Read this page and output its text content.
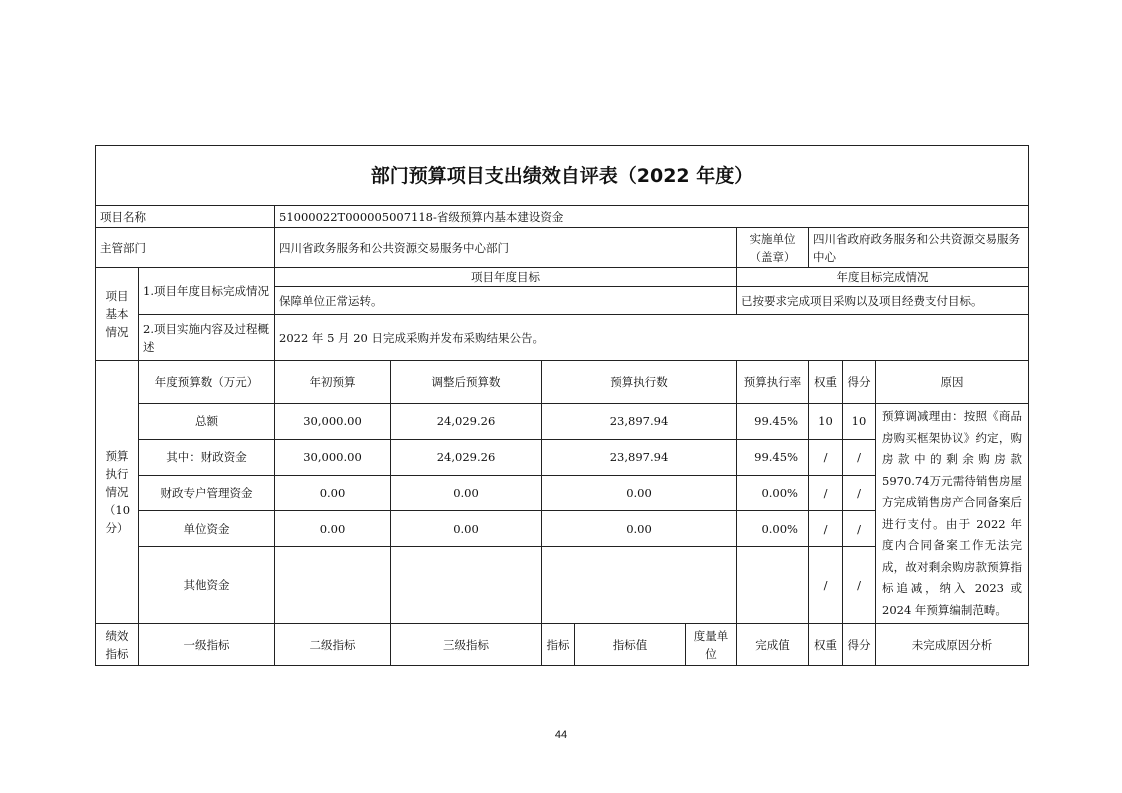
部门预算项目支出绩效自评表（2022 年度）										
项目名称		51000022T000005007118-省级预算内基本建设资金								
主管部门		四川省政务服务和公共资源交易服务中心部门					实施单位（盖章）	四川省政府政务服务和公共资源交易服务中心		
项目基本情况	1.项目年度目标完成情况	项目年度目标					年度目标完成情况			
		保障单位正常运转。					已按要求完成项目采购以及项目经费支付目标。			
	2.项目实施内容及过程概述	2022 年 5 月 20 日完成采购并发布采购结果公告。								

预算执行情况（10 分）	年度预算数（万元）	年初预算	调整后预算数	预算执行数			预算执行率	权重	得分	原因
	总额	30,000.00	24,029.26	23,897.94			99.45%	10	10	预算调减理由：按照《商品房购买框架协议》约定，购房款中的剩余购房款5970.74万元需待销售房屋方完成销售房产合同备案后进行支付。由于 2022 年度内合同备案工作无法完成，故对剩余购房款预算指标追减，纳入 2023 或 2024 年预算编制范畴。
	其中：财政资金	30,000.00	24,029.26	23,897.94			99.45%	/	/	
	财政专户管理资金	0.00	0.00	0.00			0.00%	/	/	
	单位资金	0.00	0.00	0.00			0.00%	/	/	
	其他资金							/	/	
绩效指标	一级指标	二级指标	三级指标	指标	指标值	度量单位	完成值	权重	得分	未完成原因分析
44
